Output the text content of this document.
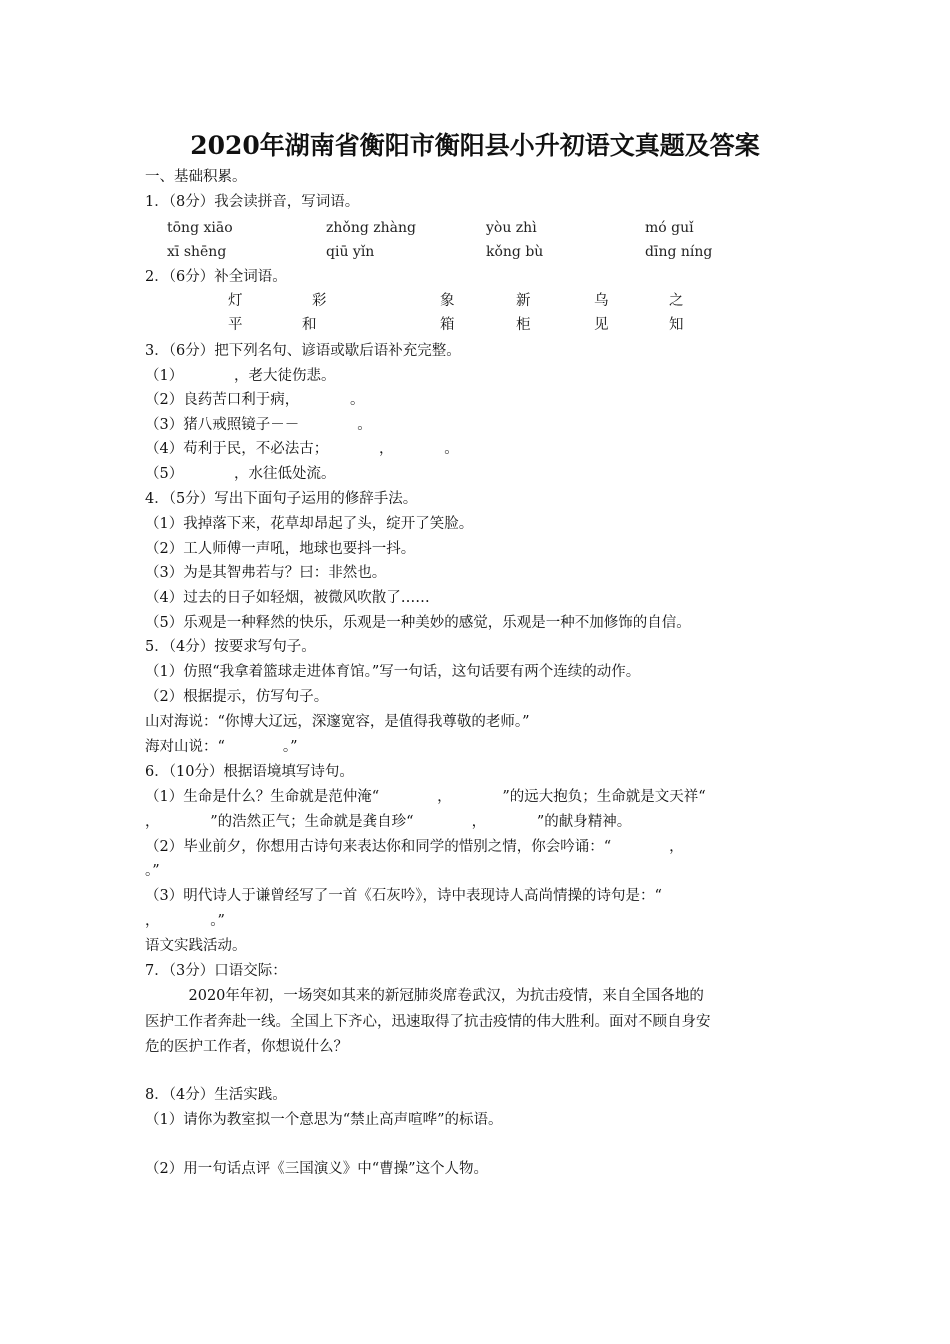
2020年湖南省衡阳市衡阳县小升初语文真题及答案
一、基础积累。
1．（8分）我会读拼音，写词语。
tōng xiāo	zhǒng zhàng	yòu zhì	mó guǐ
xī shēng	qiū yǐn	kǒng bù	dīng níng
2．（6分）补全词语。
灯	彩	象	新	乌	之
平	和	箱	柜	见	知
3．（6分）把下列名句、谚语或歇后语补充完整。
（1）　　　　，老大徒伤悲。
（2）良药苦口利于病，　　　　。
（3）猪八戒照镜子－－　　　　。
（4）苟利于民，不必法古；　　　　，　　　　。
（5）　　　　，水往低处流。
4．（5分）写出下面句子运用的修辞手法。
（1）我掉落下来，花草却昂起了头，绽开了笑脸。
（2）工人师傅一声吼，地球也要抖一抖。
（3）为是其智弗若与？曰：非然也。
（4）过去的日子如轻烟，被微风吹散了……
（5）乐观是一种释然的快乐，乐观是一种美妙的感觉，乐观是一种不加修饰的自信。
5．（4分）按要求写句子。
（1）仿照“我拿着篮球走进体育馆。”写一句话，这句话要有两个连续的动作。
（2）根据提示，仿写句子。
山对海说：“你博大辽远，深邃宽容，是值得我尊敬的老师。”
海对山说：“　　　　。”
6．（10分）根据语境填写诗句。
（1）生命是什么？生命就是范仲淹“　　　　，　　　　”的远大抱负；生命就是文天祥“
，　　　　”的浩然正气；生命就是龚自珍“　　　　，　　　　”的献身精神。
（2）毕业前夕，你想用古诗句来表达你和同学的惜别之情，你会吟诵：“　　　　，
。”
（3）明代诗人于谦曾经写了一首《石灰吟》，诗中表现诗人高尚情操的诗句是：“
，　　　　。”
语文实践活动。
7．（3分）口语交际：
　　　2020年年初，一场突如其来的新冠肺炎席卷武汉，为抗击疫情，来自全国各地的
医护工作者奔赴一线。全国上下齐心，迅速取得了抗击疫情的伟大胜利。面对不顾自身安
危的医护工作者，你想说什么？
8．（4分）生活实践。
（1）请你为教室拟一个意思为“禁止高声喧哗”的标语。
（2）用一句话点评《三国演义》中“曹操”这个人物。
